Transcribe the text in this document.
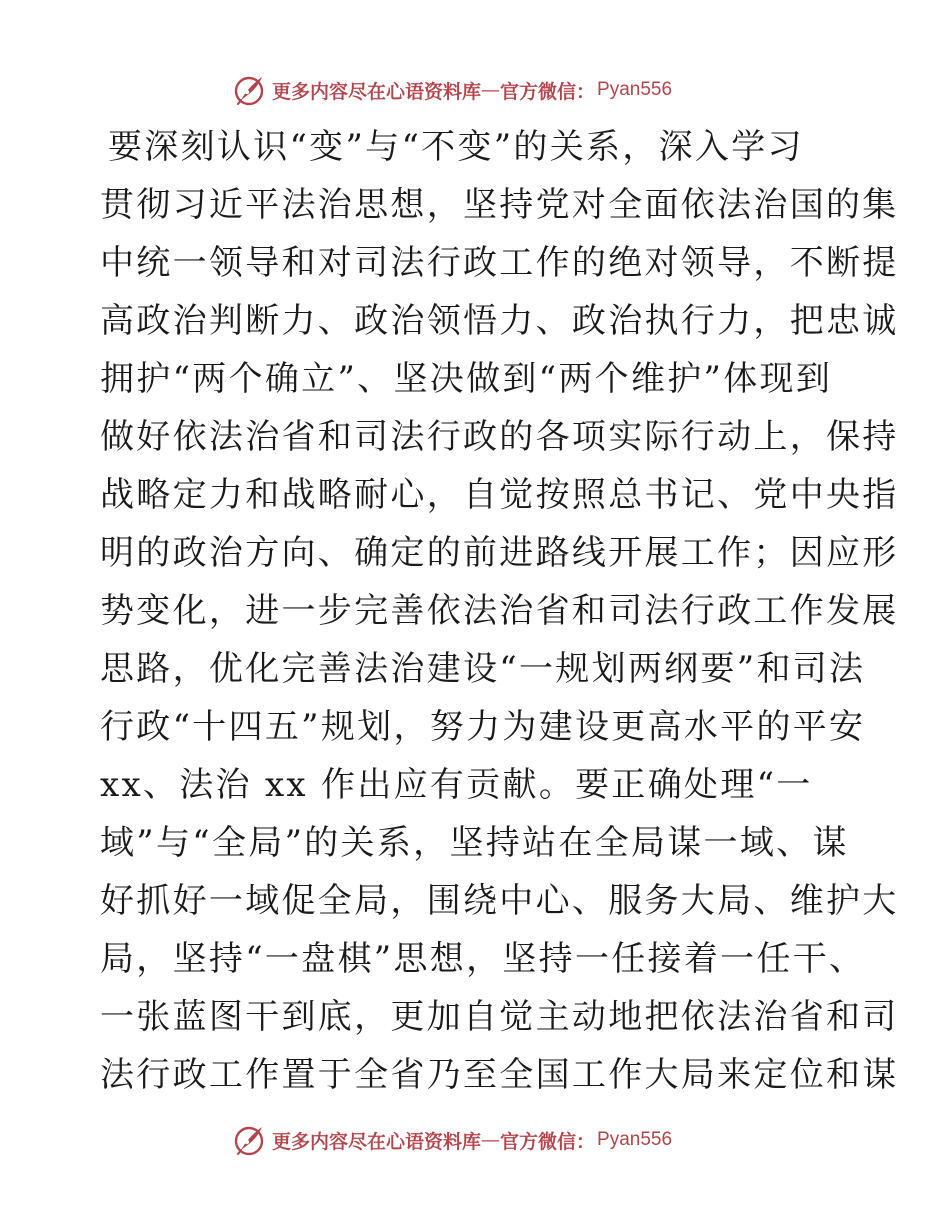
更多内容尽在心语资料库 — 官方微信： Pyan556
要深刻认识“变”与“不变”的关系，深入学习
贯彻习近平法治思想，坚持党对全面依法治国的集
中统一领导和对司法行政工作的绝对领导，不断提
高政治判断力、政治领悟力、政治执行力，把忠诚
拥护“两个确立”、坚决做到“两个维护”体现到
做好依法治省和司法行政的各项实际行动上，保持
战略定力和战略耐心，自觉按照总书记、党中央指
明的政治方向、确定的前进路线开展工作；因应形
势变化，进一步完善依法治省和司法行政工作发展
思路，优化完善法治建设“一规划两纲要”和司法
行政“十四五”规划，努力为建设更高水平的平安
xx、法治 xx 作出应有贡献。要正确处理“一
域”与“全局”的关系，坚持站在全局谋一域、谋
好抓好一域促全局，围绕中心、服务大局、维护大
局，坚持“一盘棋”思想，坚持一任接着一任干、
一张蓝图干到底，更加自觉主动地把依法治省和司
法行政工作置于全省乃至全国工作大局来定位和谋
更多内容尽在心语资料库 — 官方微信： Pyan556
